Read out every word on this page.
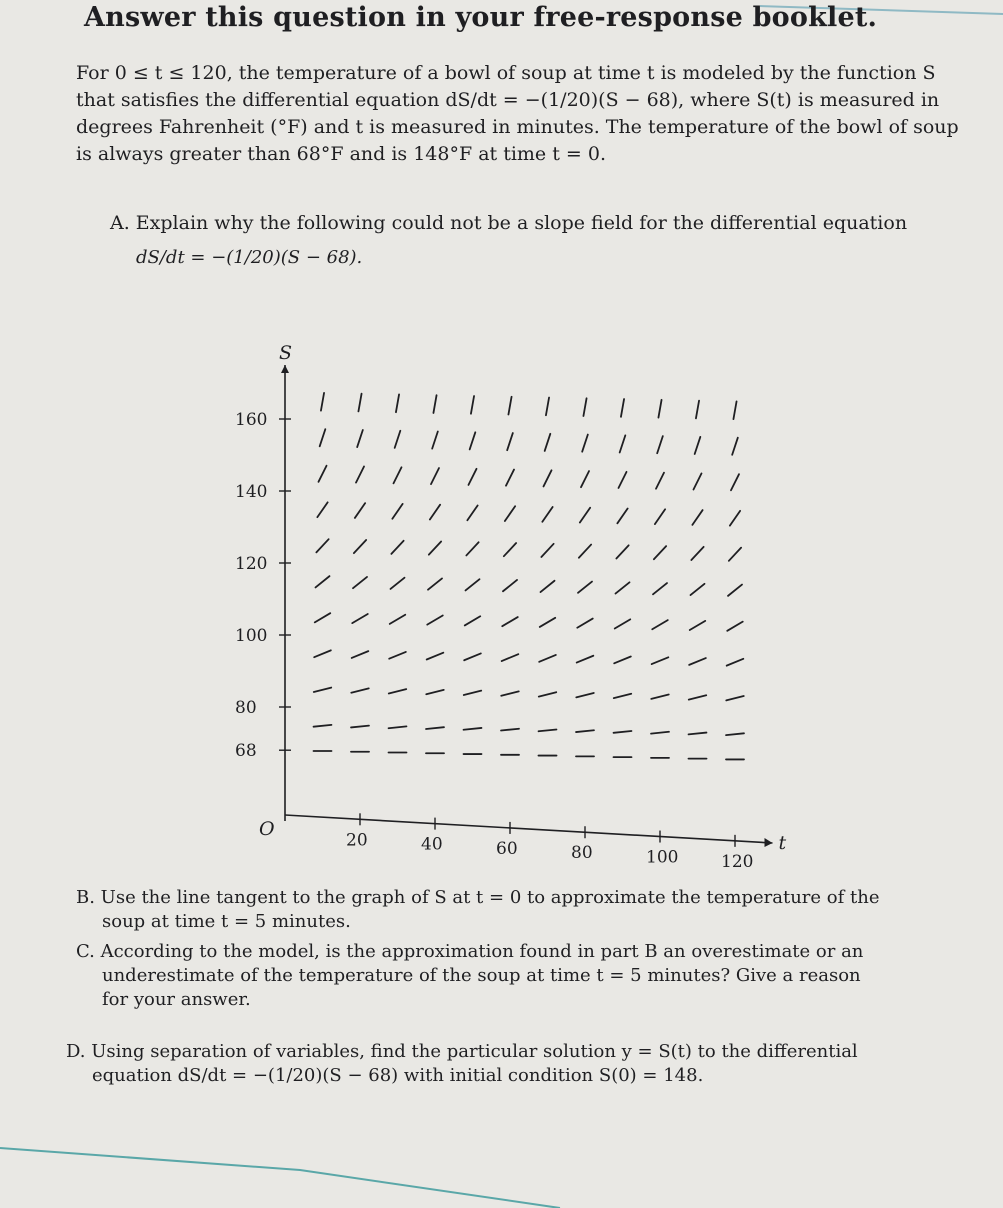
Answer this question in your free-response booklet.
For 0 ≤ t ≤ 120, the temperature of a bowl of soup at time t is modeled by the function S
that satisfies the differential equation dS/dt = −(1/20)(S − 68), where S(t) is measured in
degrees Fahrenheit (°F) and t is measured in minutes. The temperature of the bowl of soup
is always greater than 68°F and is 148°F at time t = 0.
A. Explain why the following could not be a slope field for the differential equation
dS/dt = −(1/20)(S − 68).
S
t
O
68
80
100
120
140
160
20	40	60	80	100	120
B. Use the line tangent to the graph of S at t = 0 to approximate the temperature of the
soup at time t = 5 minutes.
C. According to the model, is the approximation found in part B an overestimate or an
underestimate of the temperature of the soup at time t = 5 minutes? Give a reason
for your answer.
D. Using separation of variables, find the particular solution y = S(t) to the differential
equation dS/dt = −(1/20)(S − 68) with initial condition S(0) = 148.
